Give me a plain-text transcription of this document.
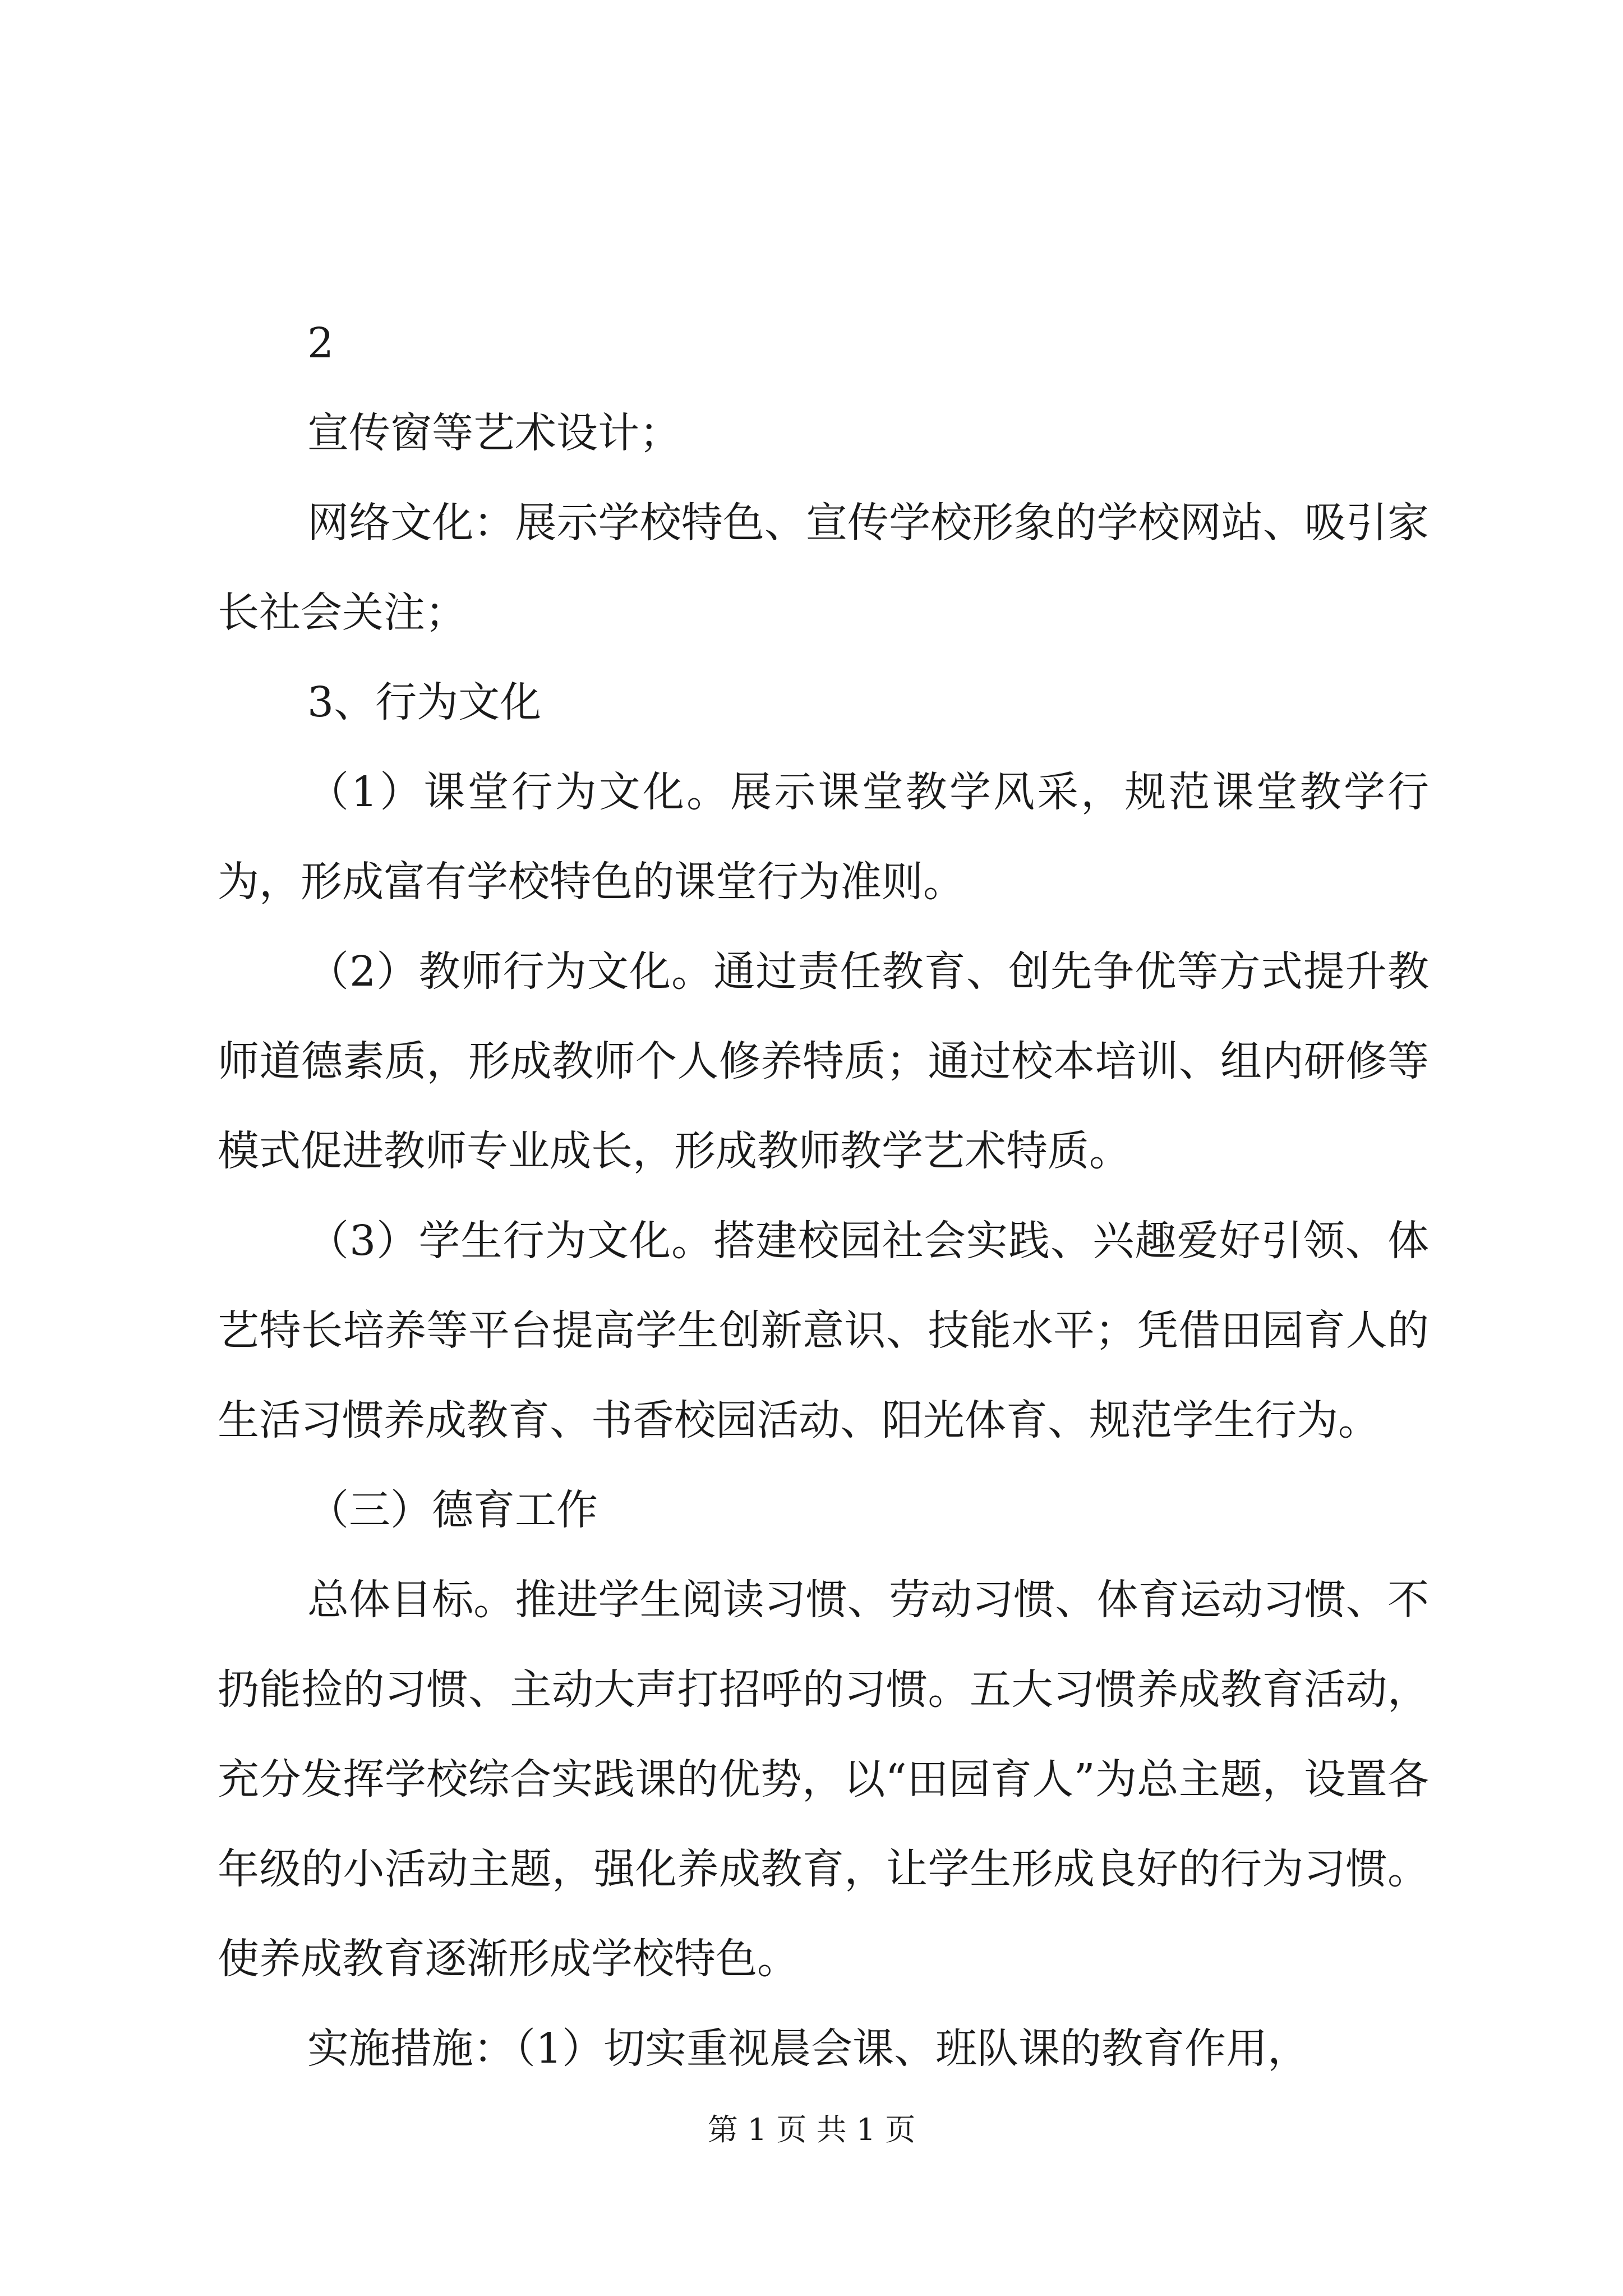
2

宣传窗等艺术设计；

网络文化：展示学校特色、宣传学校形象的学校网站、吸引家长社会关注；

3、行为文化

（1）课堂行为文化。展示课堂教学风采，规范课堂教学行为，形成富有学校特色的课堂行为准则。

（2）教师行为文化。通过责任教育、创先争优等方式提升教师道德素质，形成教师个人修养特质；通过校本培训、组内研修等模式促进教师专业成长，形成教师教学艺术特质。

（3）学生行为文化。搭建校园社会实践、兴趣爱好引领、体艺特长培养等平台提高学生创新意识、技能水平；凭借田园育人的生活习惯养成教育、书香校园活动、阳光体育、规范学生行为。

（三）德育工作

总体目标。推进学生阅读习惯、劳动习惯、体育运动习惯、不扔能捡的习惯、主动大声打招呼的习惯。五大习惯养成教育活动，充分发挥学校综合实践课的优势，以“田园育人”为总主题，设置各年级的小活动主题，强化养成教育，让学生形成良好的行为习惯。使养成教育逐渐形成学校特色。

实施措施：（1）切实重视晨会课、班队课的教育作用，

第 1 页 共 1 页
